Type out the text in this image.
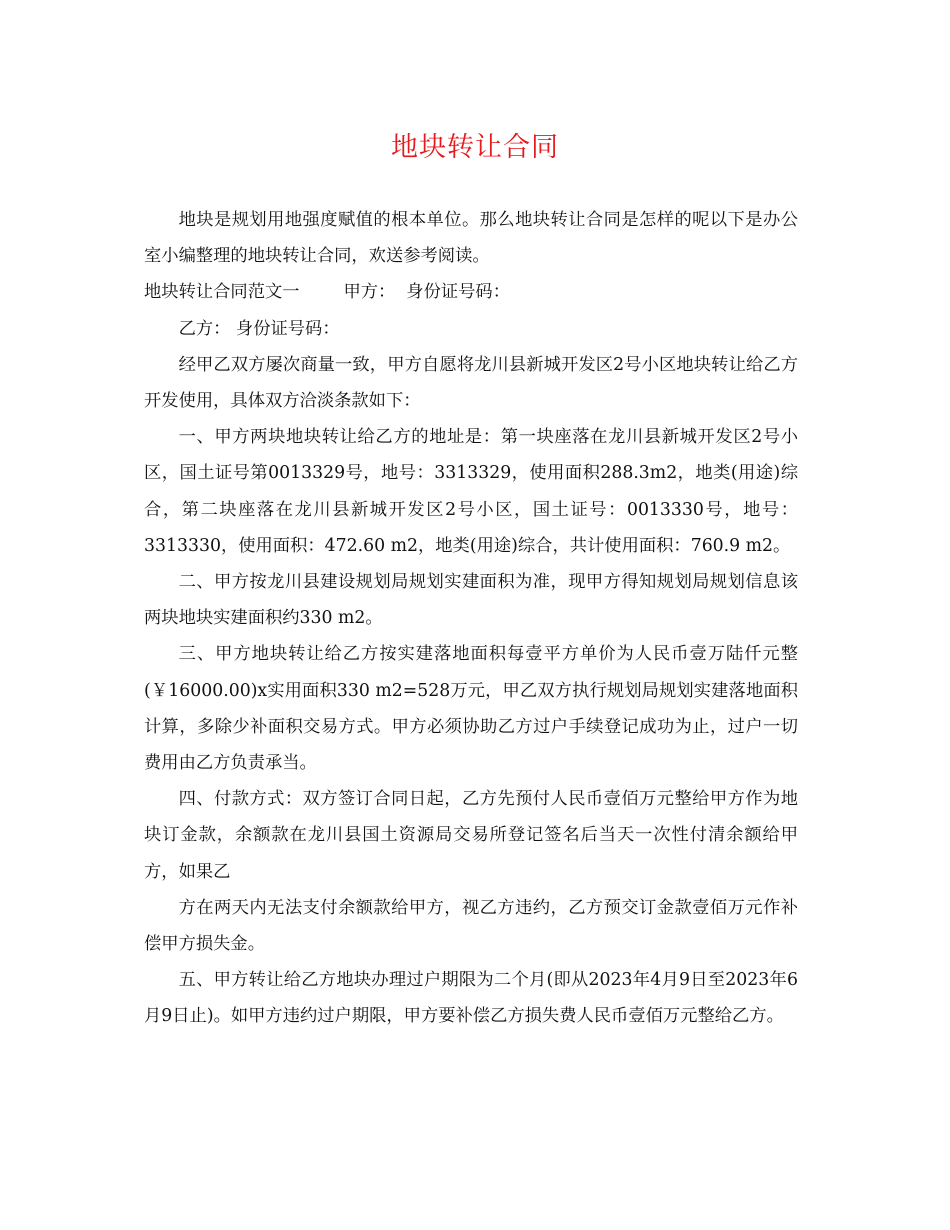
地块转让合同

地块是规划用地强度赋值的根本单位。那么地块转让合同是怎样的呢以下是办公室小编整理的地块转让合同，欢送参考阅读。

地块转让合同范文一        甲方：  身份证号码：

乙方： 身份证号码：

经甲乙双方屡次商量一致，甲方自愿将龙川县新城开发区2号小区地块转让给乙方开发使用，具体双方洽淡条款如下：

一、甲方两块地块转让给乙方的地址是：第一块座落在龙川县新城开发区2号小区，国土证号第0013329号，地号：3313329，使用面积288.3m2，地类(用途)综合，第二块座落在龙川县新城开发区2号小区，国土证号：0013330号，地号：3313330，使用面积：472.60 m2，地类(用途)综合，共计使用面积：760.9 m2。

二、甲方按龙川县建设规划局规划实建面积为准，现甲方得知规划局规划信息该两块地块实建面积约330 m2。

三、甲方地块转让给乙方按实建落地面积每壹平方单价为人民币壹万陆仟元整(￥16000.00)x实用面积330 m2=528万元，甲乙双方执行规划局规划实建落地面积计算，多除少补面积交易方式。甲方必须协助乙方过户手续登记成功为止，过户一切费用由乙方负责承当。

四、付款方式：双方签订合同日起，乙方先预付人民币壹佰万元整给甲方作为地块订金款，余额款在龙川县国土资源局交易所登记签名后当天一次性付清余额给甲方，如果乙

方在两天内无法支付余额款给甲方，视乙方违约，乙方预交订金款壹佰万元作补偿甲方损失金。

五、甲方转让给乙方地块办理过户期限为二个月(即从2023年4月9日至2023年6月9日止)。如甲方违约过户期限，甲方要补偿乙方损失费人民币壹佰万元整给乙方。
